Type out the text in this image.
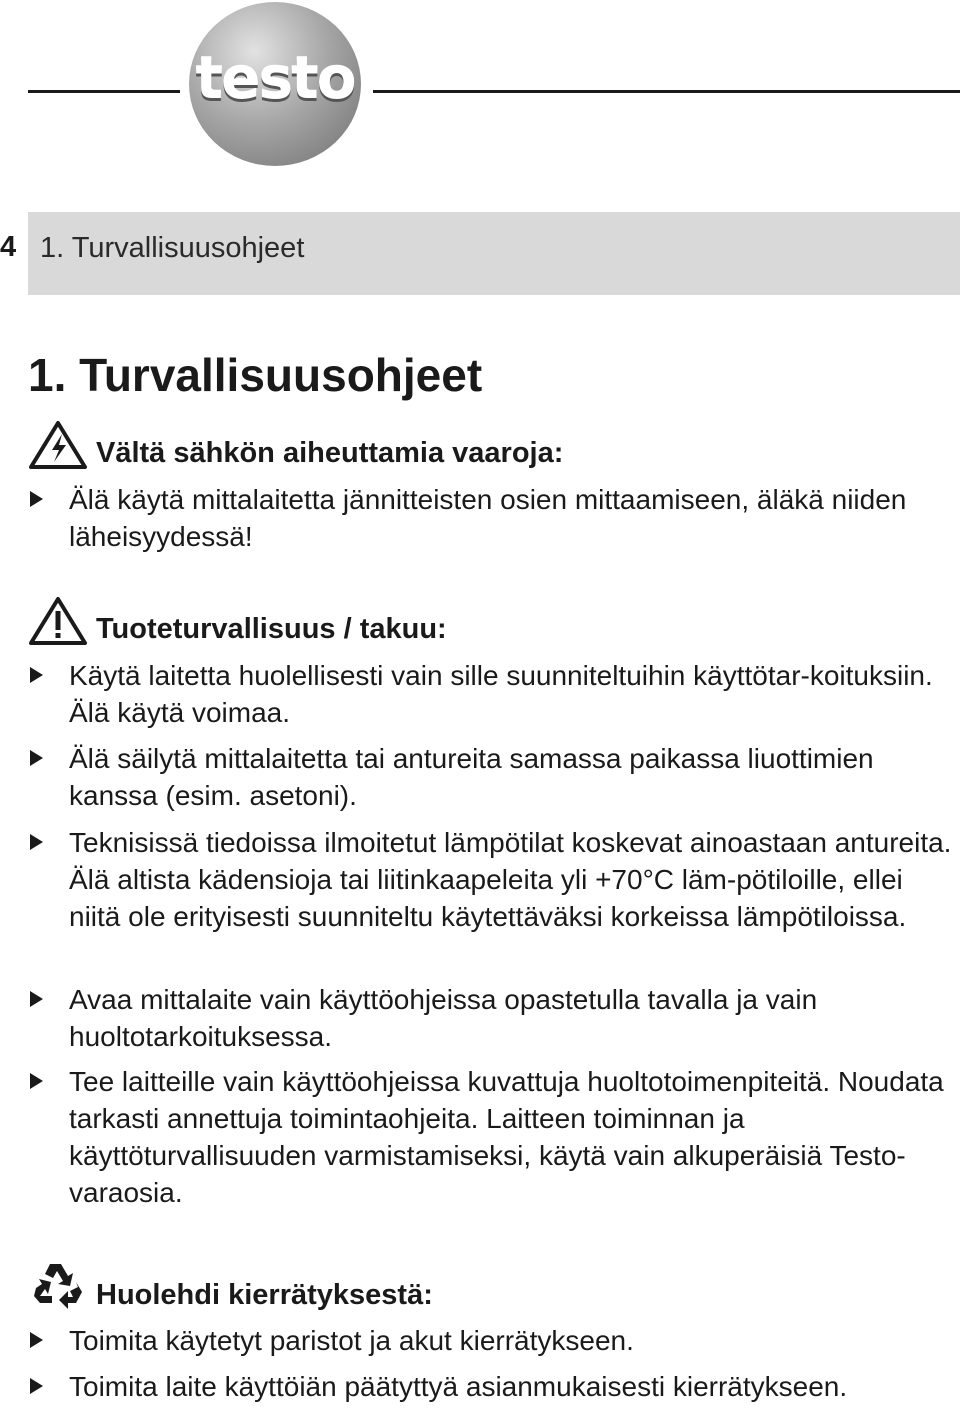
testo
4 1. Turvallisuusohjeet
1. Turvallisuusohjeet
Vältä sähkön aiheuttamia vaaroja:
Älä käytä mittalaitetta jännitteisten osien mittaamiseen, äläkä niiden läheisyydessä!
Tuoteturvallisuus / takuu:
Käytä laitetta huolellisesti vain sille suunniteltuihin käyttötar-koituksiin. Älä käytä voimaa.
Älä säilytä mittalaitetta tai antureita samassa paikassa liuottimien kanssa (esim. asetoni).
Teknisissä tiedoissa ilmoitetut lämpötilat koskevat ainoastaan antureita. Älä altista kädensioja tai liitinkaapeleita yli +70°C läm-pötiloille, ellei niitä ole erityisesti suunniteltu käytettäväksi korkeissa lämpötiloissa.
Avaa mittalaite vain käyttöohjeissa opastetulla tavalla ja vain huoltotarkoituksessa.
Tee laitteille vain käyttöohjeissa kuvattuja huoltotoimenpiteitä. Noudata tarkasti annettuja toimintaohjeita. Laitteen toiminnan ja käyttöturvallisuuden varmistamiseksi, käytä vain alkuperäisiä Testo-varaosia.
Huolehdi kierrätyksestä:
Toimita käytetyt paristot ja akut kierrätykseen.
Toimita laite käyttöiän päätyttyä asianmukaisesti kierrätykseen.
